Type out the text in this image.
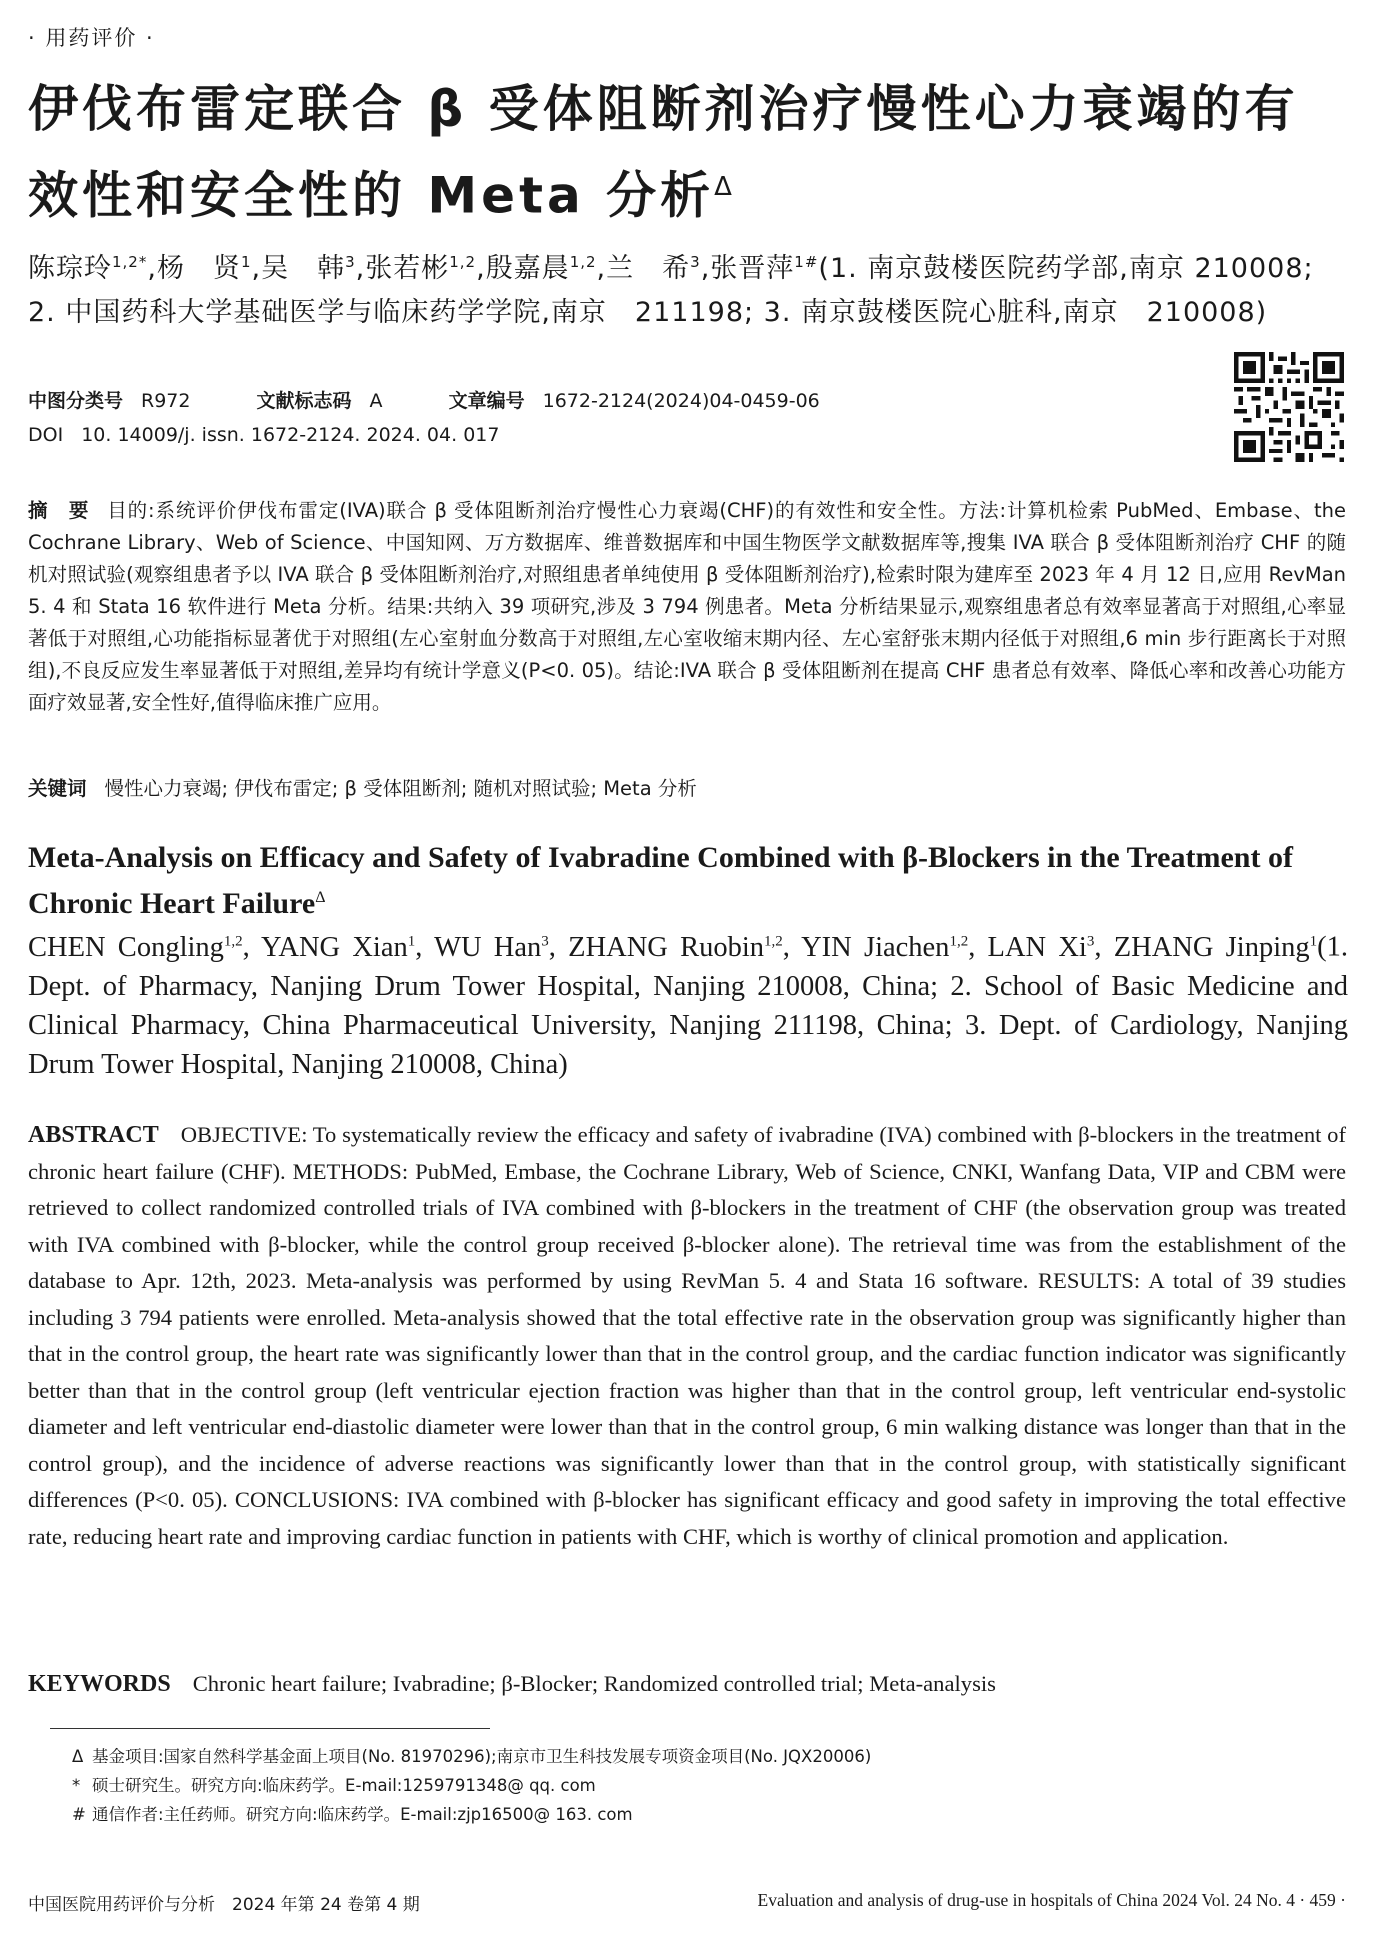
· 用药评价 ·
伊伐布雷定联合 β 受体阻断剂治疗慢性心力衰竭的有效性和安全性的 Meta 分析$^\Delta$
陈琮玲$^{1,2*}$,杨　贤$^1$,吴　韩$^3$,张若彬$^{1,2}$,殷嘉晨$^{1,2}$,兰　希$^3$,张晋萍$^{1\#}$(1. 南京鼓楼医院药学部,南京 210008; 2. 中国药科大学基础医学与临床药学学院,南京　211198; 3. 南京鼓楼医院心脏科,南京　210008)
中图分类号 R972	文献标志码 A	文章编号 1672-2124(2024)04-0459-06
DOI 10. 14009/j. issn. 1672-2124. 2024. 04. 017

摘　要 目的:系统评价伊伐布雷定(IVA)联合 β 受体阻断剂治疗慢性心力衰竭(CHF)的有效性和安全性。方法:计算机检索 PubMed、Embase、the Cochrane Library、Web of Science、中国知网、万方数据库、维普数据库和中国生物医学文献数据库等,搜集 IVA 联合 β 受体阻断剂治疗 CHF 的随机对照试验(观察组患者予以 IVA 联合 β 受体阻断剂治疗,对照组患者单纯使用 β 受体阻断剂治疗),检索时限为建库至 2023 年 4 月 12 日,应用 RevMan 5. 4 和 Stata 16 软件进行 Meta 分析。结果:共纳入 39 项研究,涉及 3 794 例患者。Meta 分析结果显示,观察组患者总有效率显著高于对照组,心率显著低于对照组,心功能指标显著优于对照组(左心室射血分数高于对照组,左心室收缩末期内径、左心室舒张末期内径低于对照组,6 min 步行距离长于对照组),不良反应发生率显著低于对照组,差异均有统计学意义(P<0. 05)。结论:IVA 联合 β 受体阻断剂在提高 CHF 患者总有效率、降低心率和改善心功能方面疗效显著,安全性好,值得临床推广应用。

关键词 慢性心力衰竭; 伊伐布雷定; β 受体阻断剂; 随机对照试验; Meta 分析

Meta-Analysis on Efficacy and Safety of Ivabradine Combined with β-Blockers in the Treatment of Chronic Heart Failure$^\Delta$

CHEN Congling$^{1,2}$, YANG Xian$^1$, WU Han$^3$, ZHANG Ruobin$^{1,2}$, YIN Jiachen$^{1,2}$, LAN Xi$^3$, ZHANG Jinping$^1$(1. Dept. of Pharmacy, Nanjing Drum Tower Hospital, Nanjing 210008, China; 2. School of Basic Medicine and Clinical Pharmacy, China Pharmaceutical University, Nanjing 211198, China; 3. Dept. of Cardiology, Nanjing Drum Tower Hospital, Nanjing 210008, China)

ABSTRACT OBJECTIVE: To systematically review the efficacy and safety of ivabradine (IVA) combined with β-blockers in the treatment of chronic heart failure (CHF). METHODS: PubMed, Embase, the Cochrane Library, Web of Science, CNKI, Wanfang Data, VIP and CBM were retrieved to collect randomized controlled trials of IVA combined with β-blockers in the treatment of CHF (the observation group was treated with IVA combined with β-blocker, while the control group received β-blocker alone). The retrieval time was from the establishment of the database to Apr. 12th, 2023. Meta-analysis was performed by using RevMan 5. 4 and Stata 16 software. RESULTS: A total of 39 studies including 3 794 patients were enrolled. Meta-analysis showed that the total effective rate in the observation group was significantly higher than that in the control group, the heart rate was significantly lower than that in the control group, and the cardiac function indicator was significantly better than that in the control group (left ventricular ejection fraction was higher than that in the control group, left ventricular end-systolic diameter and left ventricular end-diastolic diameter were lower than that in the control group, 6 min walking distance was longer than that in the control group), and the incidence of adverse reactions was significantly lower than that in the control group, with statistically significant differences (P<0. 05). CONCLUSIONS: IVA combined with β-blocker has significant efficacy and good safety in improving the total effective rate, reducing heart rate and improving cardiac function in patients with CHF, which is worthy of clinical promotion and application.

KEYWORDS Chronic heart failure; Ivabradine; β-Blocker; Randomized controlled trial; Meta-analysis

Δ 基金项目:国家自然科学基金面上项目(No. 81970296);南京市卫生科技发展专项资金项目(No. JQX20006)
* 硕士研究生。研究方向:临床药学。E-mail:1259791348@ qq. com
# 通信作者:主任药师。研究方向:临床药学。E-mail:zjp16500@ 163. com
中国医院用药评价与分析　2024 年第 24 卷第 4 期	Evaluation and analysis of drug-use in hospitals of China 2024 Vol. 24 No. 4 · 459 ·
